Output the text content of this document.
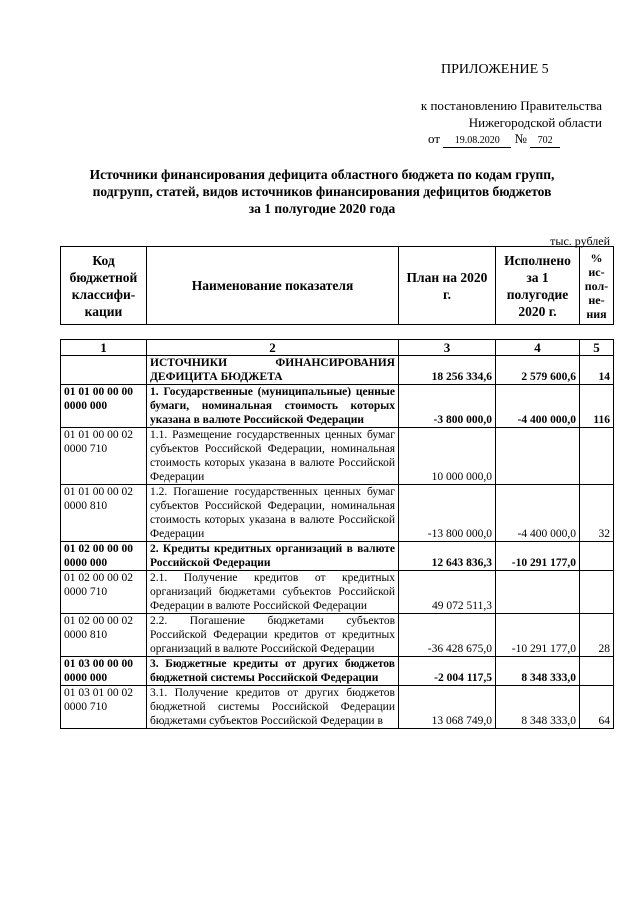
ПРИЛОЖЕНИЕ 5
к постановлению Правительства
Нижегородской области
от 19.08.2020 № 702
Источники финансирования дефицита областного бюджета по кодам групп,
подгрупп, статей, видов источников финансирования дефицитов бюджетов
за 1 полугодие 2020 года
тыс. рублей
Код бюджетной классифи- кации	Наименование показателя	План на 2020 г.	Исполнено за 1 полугодие 2020 г.	% ис- пол- не- ния
1	2	3	4	5
	ИСТОЧНИКИ ФИНАНСИРОВАНИЯ ДЕФИЦИТА БЮДЖЕТА	18 256 334,6	2 579 600,6	14
01 01 00 00 00 0000 000	1. Государственные (муниципальные) ценные бумаги, номинальная стоимость которых указана в валюте Российской Федерации	-3 800 000,0	-4 400 000,0	116
01 01 00 00 02 0000 710	1.1. Размещение государственных ценных бумаг субъектов Российской Федерации, номинальная стоимость которых указана в валюте Российской Федерации	10 000 000,0		
01 01 00 00 02 0000 810	1.2. Погашение государственных ценных бумаг субъектов Российской Федерации, номинальная стоимость которых указана в валюте Российской Федерации	-13 800 000,0	-4 400 000,0	32
01 02 00 00 00 0000 000	2. Кредиты кредитных организаций в валюте Российской Федерации	12 643 836,3	-10 291 177,0	
01 02 00 00 02 0000 710	2.1. Получение кредитов от кредитных организаций бюджетами субъектов Российской Федерации в валюте Российской Федерации	49 072 511,3		
01 02 00 00 02 0000 810	2.2. Погашение бюджетами субъектов Российской Федерации кредитов от кредитных организаций в валюте Российской Федерации	-36 428 675,0	-10 291 177,0	28
01 03 00 00 00 0000 000	3. Бюджетные кредиты от других бюджетов бюджетной системы Российской Федерации	-2 004 117,5	8 348 333,0	
01 03 01 00 02 0000 710	3.1. Получение кредитов от других бюджетов бюджетной системы Российской Федерации бюджетами субъектов Российской Федерации в	13 068 749,0	8 348 333,0	64
